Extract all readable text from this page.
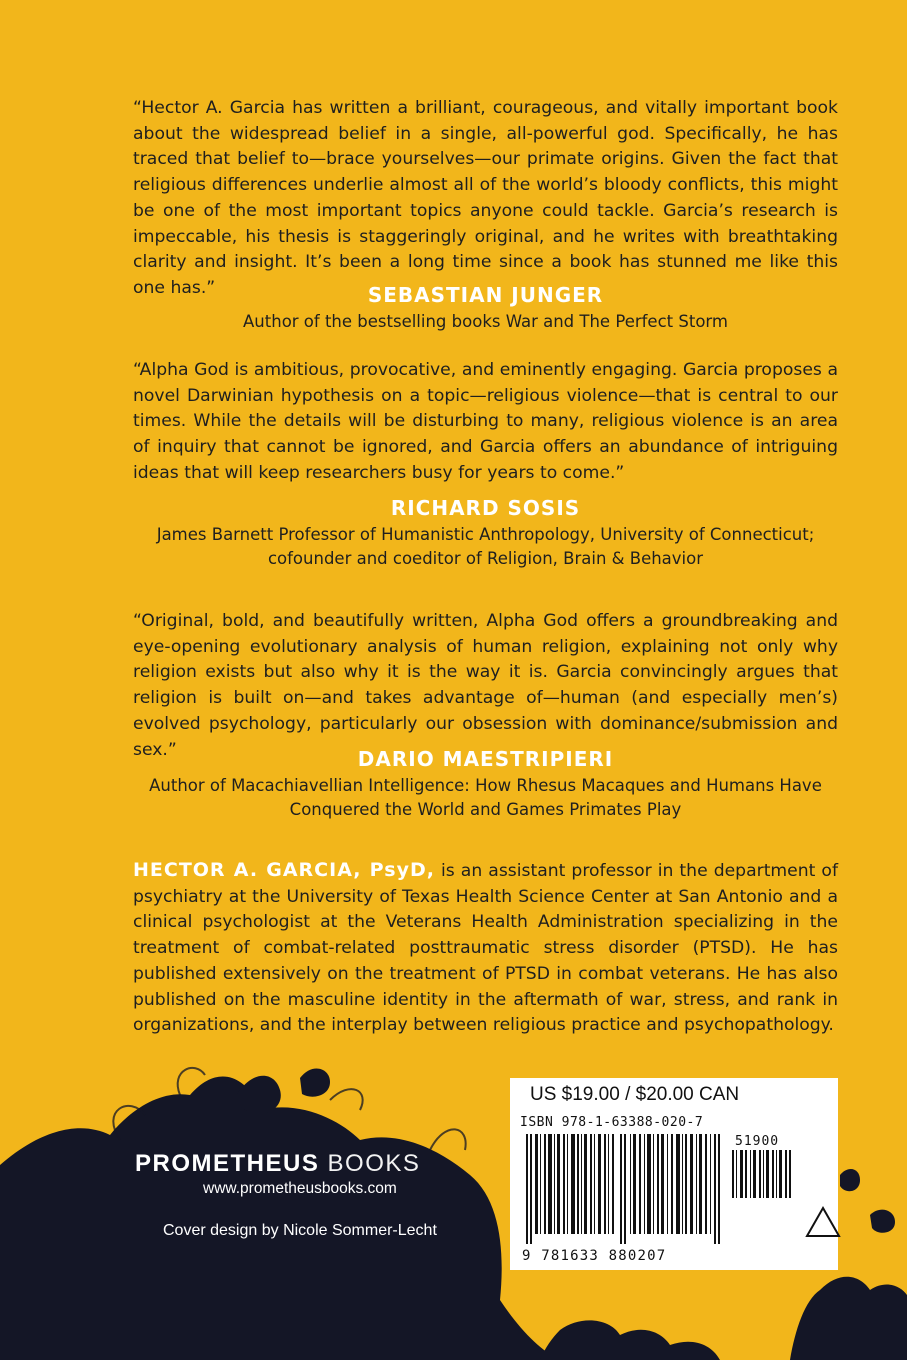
“Hector A. Garcia has written a brilliant, courageous, and vitally important book about the widespread belief in a single, all-powerful god. Specifically, he has traced that belief to—brace yourselves—our primate origins. Given the fact that religious differences underlie almost all of the world’s bloody conflicts, this might be one of the most important topics anyone could tackle. Garcia’s research is impeccable, his thesis is staggeringly original, and he writes with breathtaking clarity and insight. It’s been a long time since a book has stunned me like this one has.”	SEBASTIAN JUNGER

Author of the bestselling books War and The Perfect Storm

“Alpha God is ambitious, provocative, and eminently engaging. Garcia proposes a novel Darwinian hypothesis on a topic—religious violence—that is central to our times. While the details will be disturbing to many, religious violence is an area of inquiry that cannot be ignored, and Garcia offers an abundance of intriguing ideas that will keep researchers busy for years to come.”

RICHARD SOSIS

James Barnett Professor of Humanistic Anthropology, University of Connecticut;

cofounder and coeditor of Religion, Brain & Behavior

“Original, bold, and beautifully written, Alpha God offers a groundbreaking and eye-opening evolutionary analysis of human religion, explaining not only why religion exists but also why it is the way it is. Garcia convincingly argues that religion is built on—and takes advantage of—human (and especially men’s) evolved psychology, particularly our obsession with dominance/submission and sex.”	DARIO MAESTRIPIERI

Author of Macachiavellian Intelligence: How Rhesus Macaques and Humans Have

Conquered the World and Games Primates Play

HECTOR A. GARCIA, PsyD, is an assistant professor in the department of psychiatry at the University of Texas Health Science Center at San Antonio and a clinical psychologist at the Veterans Health Administration specializing in the treatment of combat-related posttraumatic stress disorder (PTSD). He has published extensively on the treatment of PTSD in combat veterans. He has also published on the masculine identity in the aftermath of war, stress, and rank in organizations, and the interplay between religious practice and psychopathology.

PROMETHEUS BOOKS
www.prometheusbooks.com
Cover design by Nicole Sommer-Lecht
US $19.00 / $20.00 CAN
ISBN 978-1-63388-020-7
51900
9 781633 880207
